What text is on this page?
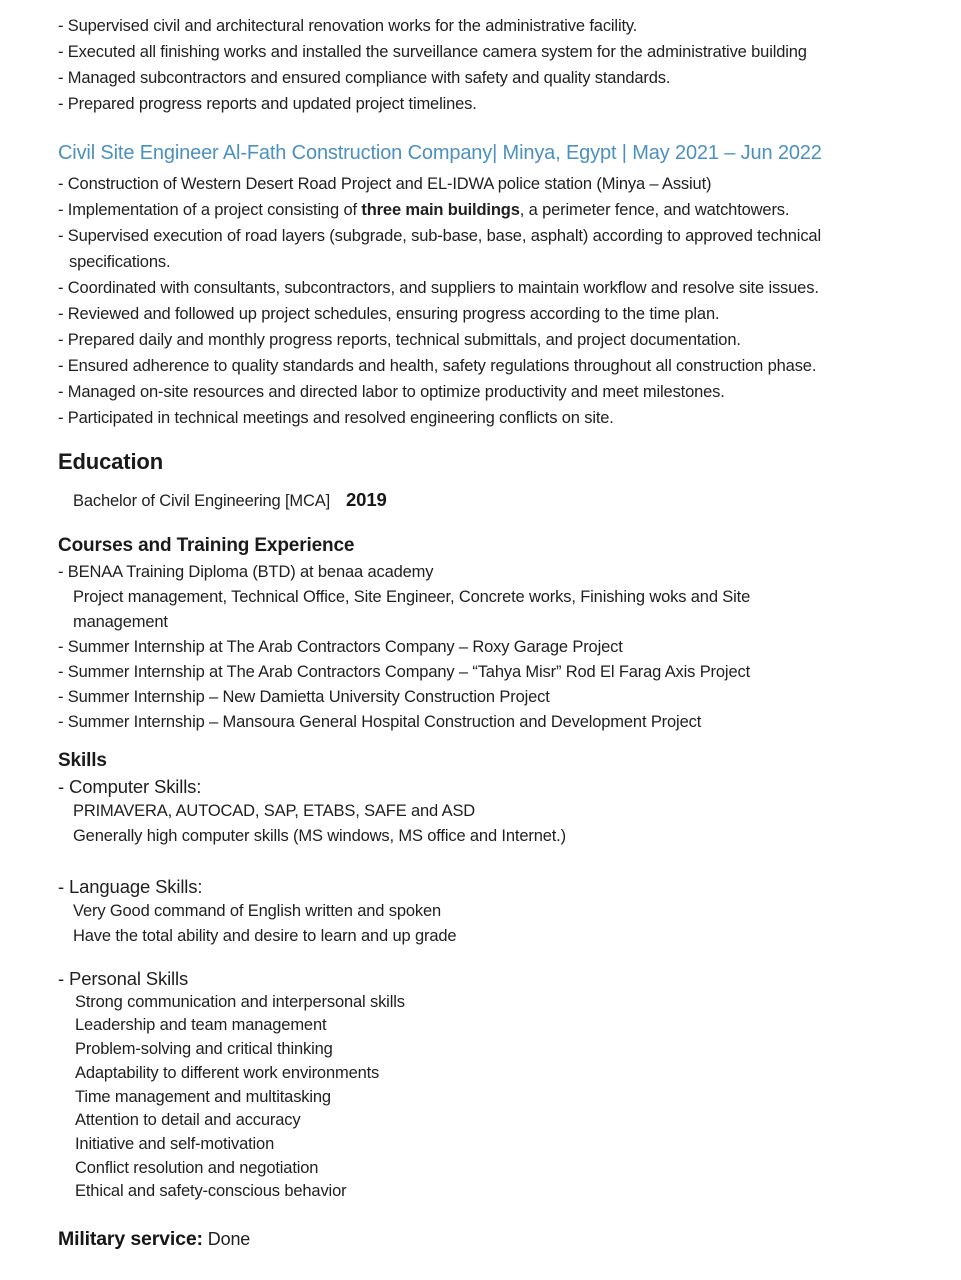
- Supervised civil and architectural renovation works for the administrative facility.
- Executed all finishing works and installed the surveillance camera system for the administrative building
- Managed subcontractors and ensured compliance with safety and quality standards.
- Prepared progress reports and updated project timelines.
Civil Site Engineer Al-Fath Construction Company| Minya, Egypt | May 2021 – Jun 2022
- Construction of Western Desert Road Project and EL-IDWA police station (Minya – Assiut)
- Implementation of a project consisting of three main buildings, a perimeter fence, and watchtowers.
- Supervised execution of road layers (subgrade, sub-base, base, asphalt) according to approved technical specifications.
- Coordinated with consultants, subcontractors, and suppliers to maintain workflow and resolve site issues.
- Reviewed and followed up project schedules, ensuring progress according to the time plan.
- Prepared daily and monthly progress reports, technical submittals, and project documentation.
- Ensured adherence to quality standards and health, safety regulations throughout all construction phase.
- Managed on-site resources and directed labor to optimize productivity and meet milestones.
- Participated in technical meetings and resolved engineering conflicts on site.
Education
Bachelor of Civil Engineering [MCA] 2019
Courses and Training Experience
- BENAA Training Diploma (BTD) at benaa academy
Project management, Technical Office, Site Engineer, Concrete works, Finishing woks and Site management
- Summer Internship at The Arab Contractors Company – Roxy Garage Project
- Summer Internship at The Arab Contractors Company – “Tahya Misr” Rod El Farag Axis Project
- Summer Internship – New Damietta University Construction Project
- Summer Internship – Mansoura General Hospital Construction and Development Project
Skills
- Computer Skills:
PRIMAVERA, AUTOCAD, SAP, ETABS, SAFE and ASD
Generally high computer skills (MS windows, MS office and Internet.)
- Language Skills:
Very Good command of English written and spoken
Have the total ability and desire to learn and up grade
- Personal Skills
Strong communication and interpersonal skills
Leadership and team management
Problem-solving and critical thinking
Adaptability to different work environments
Time management and multitasking
Attention to detail and accuracy
Initiative and self-motivation
Conflict resolution and negotiation
Ethical and safety-conscious behavior
Military service: Done
